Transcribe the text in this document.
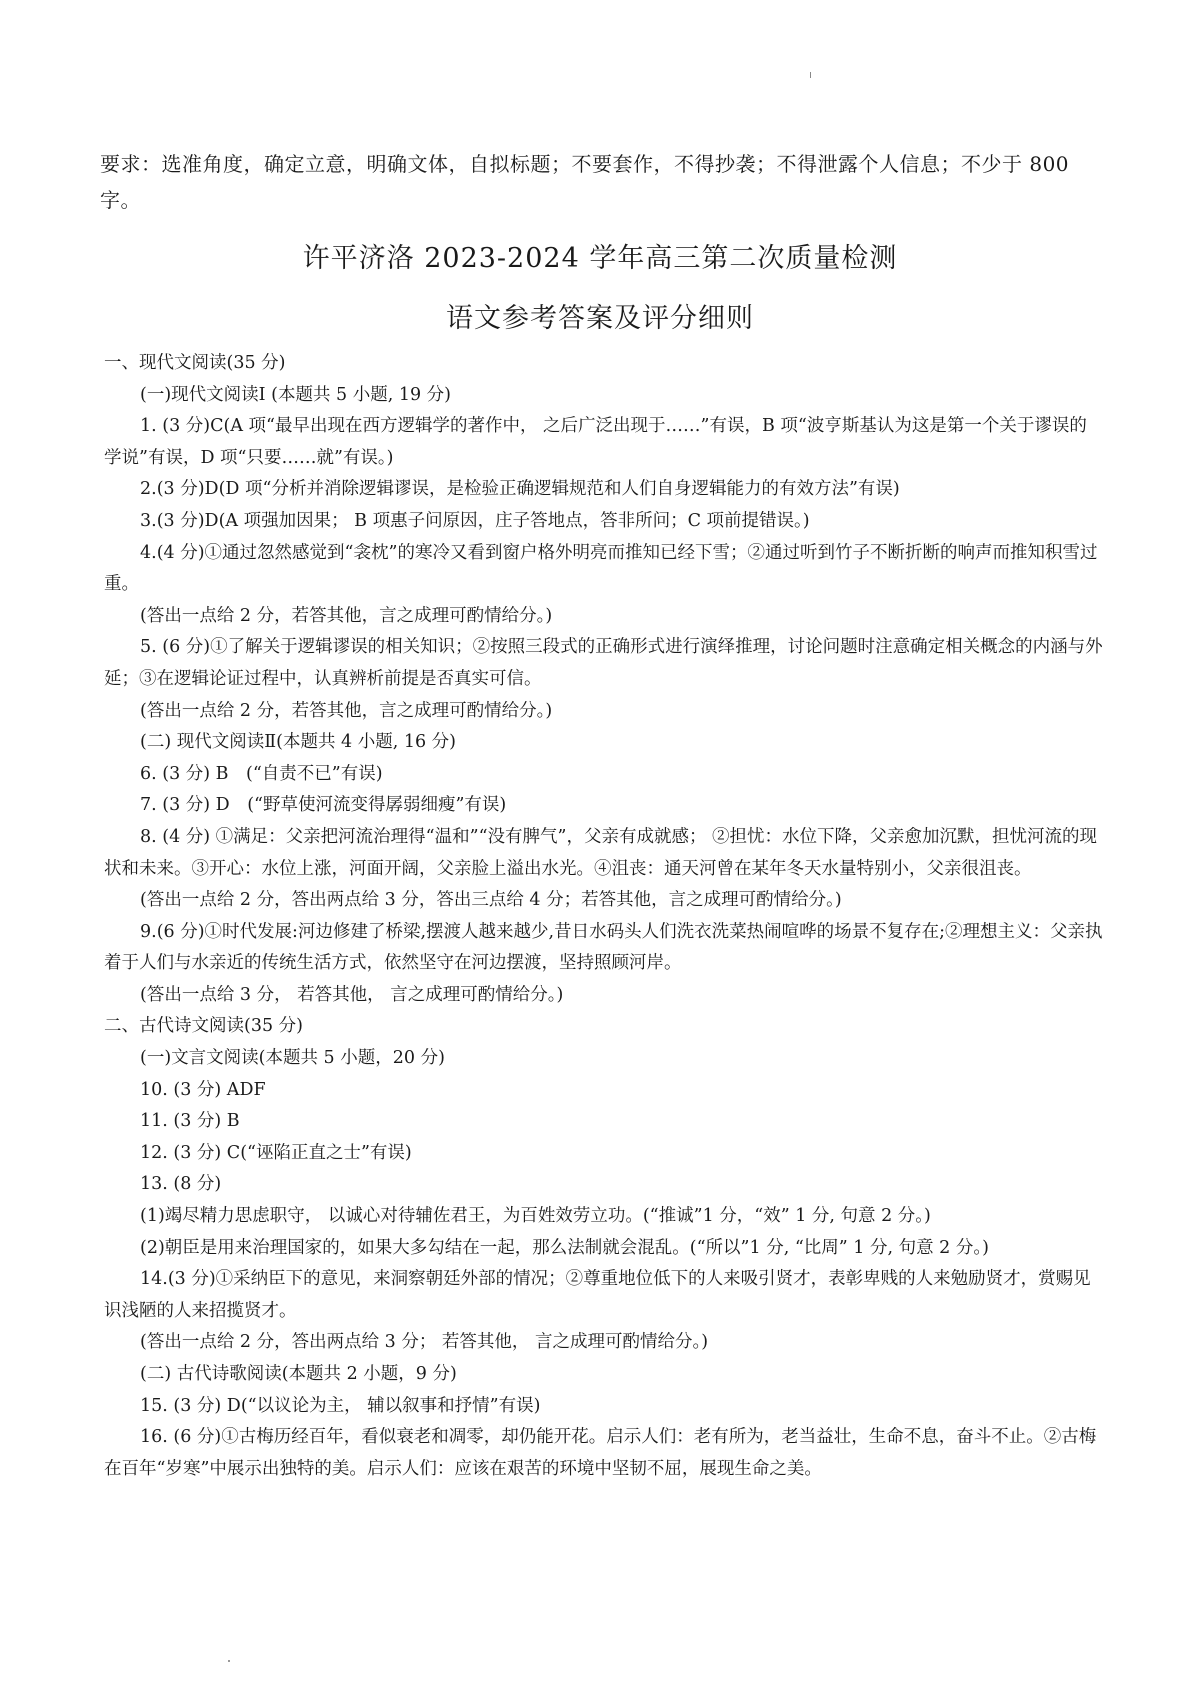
要求：选准角度，确定立意，明确文体，自拟标题；不要套作，不得抄袭；不得泄露个人信息；不少于 800 字。
许平济洛 2023-2024 学年高三第二次质量检测
语文参考答案及评分细则

一、现代文阅读(35 分)

(一)现代文阅读Ⅰ (本题共 5 小题, 19 分)

1. (3 分)C(A 项“最早出现在西方逻辑学的著作中， 之后广泛出现于……”有误，B 项“波亨斯基认为这是第一个关于谬误的学说”有误，D 项“只要……就”有误。)

2.(3 分)D(D 项“分析并消除逻辑谬误，是检验正确逻辑规范和人们自身逻辑能力的有效方法”有误)

3.(3 分)D(A 项强加因果； B 项惠子问原因，庄子答地点，答非所问；C 项前提错误。)

4.(4 分)①通过忽然感觉到“衾枕”的寒冷又看到窗户格外明亮而推知已经下雪；②通过听到竹子不断折断的响声而推知积雪过重。

(答出一点给 2 分，若答其他，言之成理可酌情给分。)

5. (6 分)①了解关于逻辑谬误的相关知识；②按照三段式的正确形式进行演绎推理，讨论问题时注意确定相关概念的内涵与外延；③在逻辑论证过程中，认真辨析前提是否真实可信。

(答出一点给 2 分，若答其他，言之成理可酌情给分。)

(二) 现代文阅读Ⅱ(本题共 4 小题, 16 分)

6. (3 分) B　(“自责不已”有误)

7. (3 分) D　(“野草使河流变得孱弱细瘦”有误)

8. (4 分) ①满足：父亲把河流治理得“温和”“没有脾气”，父亲有成就感； ②担忧：水位下降，父亲愈加沉默，担忧河流的现状和未来。③开心：水位上涨，河面开阔，父亲脸上溢出水光。④沮丧：通天河曾在某年冬天水量特别小，父亲很沮丧。

(答出一点给 2 分，答出两点给 3 分，答出三点给 4 分；若答其他，言之成理可酌情给分。)

9.(6 分)①时代发展:河边修建了桥梁,摆渡人越来越少,昔日水码头人们洗衣洗菜热闹喧哗的场景不复存在;②理想主义：父亲执着于人们与水亲近的传统生活方式，依然坚守在河边摆渡，坚持照顾河岸。

(答出一点给 3 分， 若答其他， 言之成理可酌情给分。)

二、古代诗文阅读(35 分)

(一)文言文阅读(本题共 5 小题，20 分)

10. (3 分) ADF

11. (3 分) B

12. (3 分) C(“诬陷正直之士”有误)

13. (8 分)

(1)竭尽精力思虑职守， 以诚心对待辅佐君王，为百姓效劳立功。(“推诚”1 分，“效” 1 分, 句意 2 分。)

(2)朝臣是用来治理国家的，如果大多勾结在一起，那么法制就会混乱。(“所以”1 分, “比周” 1 分, 句意 2 分。)

14.(3 分)①采纳臣下的意见，来洞察朝廷外部的情况；②尊重地位低下的人来吸引贤才，表彰卑贱的人来勉励贤才，赏赐见识浅陋的人来招揽贤才。

(答出一点给 2 分，答出两点给 3 分； 若答其他， 言之成理可酌情给分。)

(二) 古代诗歌阅读(本题共 2 小题，9 分)

15. (3 分) D(“以议论为主， 辅以叙事和抒情”有误)

16. (6 分)①古梅历经百年，看似衰老和凋零，却仍能开花。启示人们：老有所为，老当益壮，生命不息，奋斗不止。②古梅在百年“岁寒”中展示出独特的美。启示人们：应该在艰苦的环境中坚韧不屈，展现生命之美。
